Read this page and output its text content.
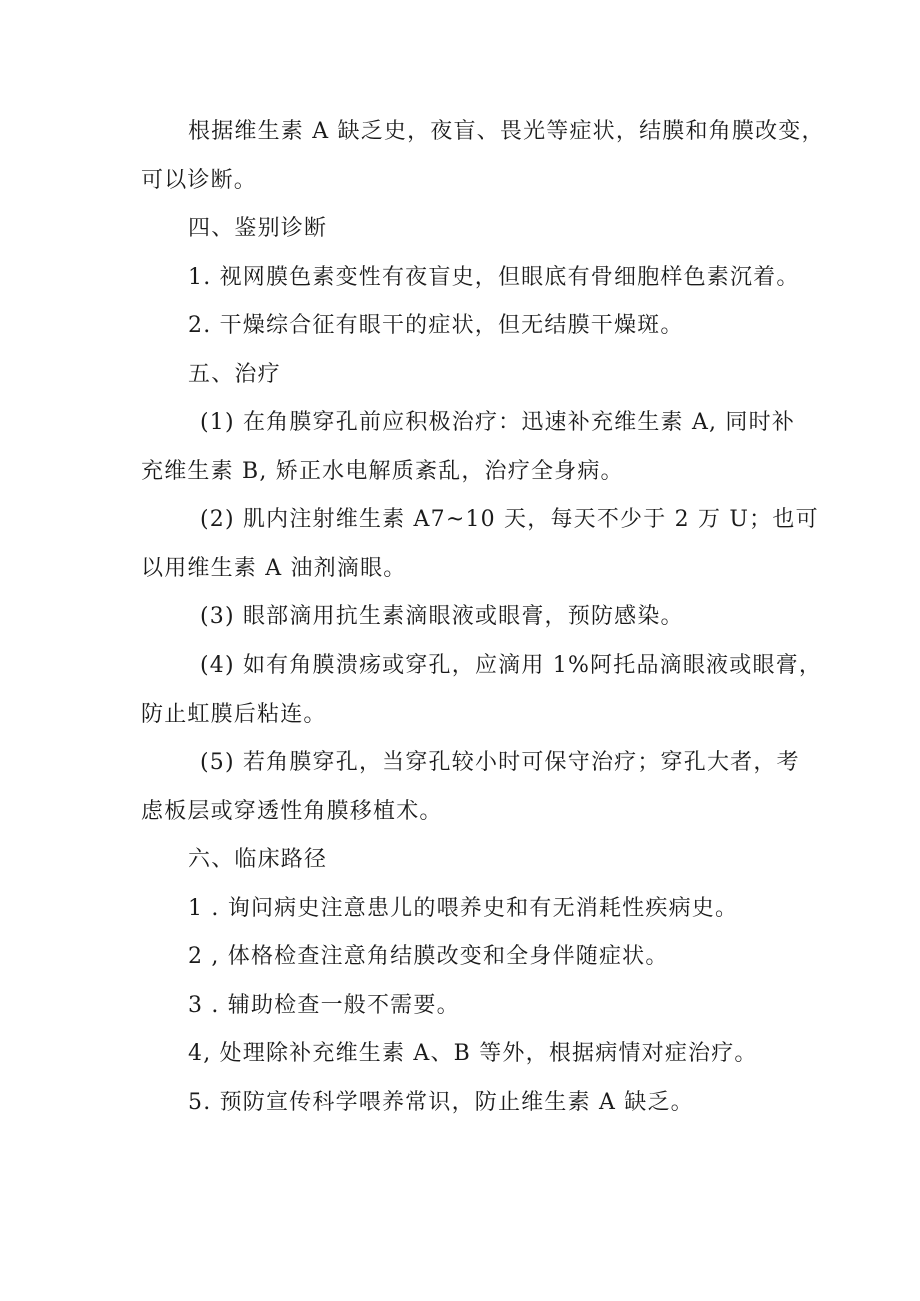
根据维生素 A 缺乏史，夜盲、畏光等症状，结膜和角膜改变，
可以诊断。
四、鉴别诊断
1. 视网膜色素变性有夜盲史，但眼底有骨细胞样色素沉着。
2. 干燥综合征有眼干的症状，但无结膜干燥斑。
五、治疗
(1) 在角膜穿孔前应积极治疗：迅速补充维生素 A, 同时补
充维生素 B, 矫正水电解质紊乱，治疗全身病。
(2) 肌内注射维生素 A7~10 天，每天不少于 2 万 U；也可
以用维生素 A 油剂滴眼。
(3) 眼部滴用抗生素滴眼液或眼膏，预防感染。
(4) 如有角膜溃疡或穿孔，应滴用 1%阿托品滴眼液或眼膏，
防止虹膜后粘连。
(5) 若角膜穿孔，当穿孔较小时可保守治疗；穿孔大者，考
虑板层或穿透性角膜移植术。
六、临床路径
1 . 询问病史注意患儿的喂养史和有无消耗性疾病史。
2 , 体格检查注意角结膜改变和全身伴随症状。
3 . 辅助检查一般不需要。
4, 处理除补充维生素 A、B 等外，根据病情对症治疗。
5. 预防宣传科学喂养常识，防止维生素 A 缺乏。
